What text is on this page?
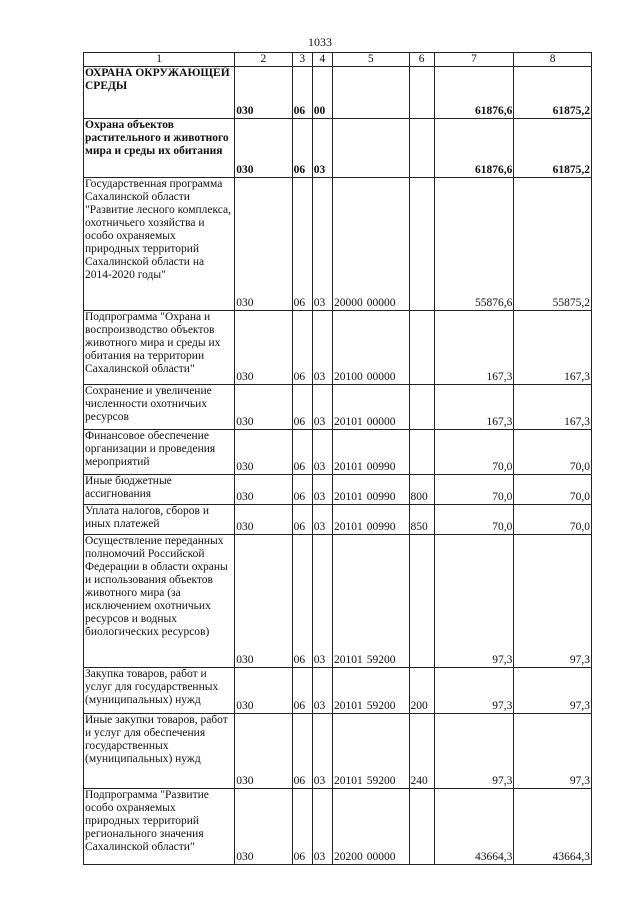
1033
1	2	3	4	5	6	7	8
ОХРАНА ОКРУЖАЮЩЕЙ СРЕДЫ	030	06	00			61876,6	61875,2
Охрана объектов растительного и животного мира и среды их обитания	030	06	03			61876,6	61875,2
Государственная программа Сахалинской области "Развитие лесного комплекса, охотничьего хозяйства и особо охраняемых природных территорий Сахалинской области на 2014-2020 годы"	030	06	03	20000 00000		55876,6	55875,2
Подпрограмма "Охрана и воспроизводство объектов животного мира и среды их обитания на территории Сахалинской области"	030	06	03	20100 00000		167,3	167,3
Сохранение и увеличение численности охотничьих ресурсов	030	06	03	20101 00000		167,3	167,3
Финансовое обеспечение организации и проведения мероприятий	030	06	03	20101 00990		70,0	70,0
Иные бюджетные ассигнования	030	06	03	20101 00990	800	70,0	70,0
Уплата налогов, сборов и иных платежей	030	06	03	20101 00990	850	70,0	70,0
Осуществление переданных полномочий Российской Федерации в области охраны и использования объектов животного мира (за исключением охотничьих ресурсов и водных биологических ресурсов)	030	06	03	20101 59200		97,3	97,3
Закупка товаров, работ и услуг для государственных (муниципальных) нужд	030	06	03	20101 59200	200	97,3	97,3
Иные закупки товаров, работ и услуг для обеспечения государственных (муниципальных) нужд	030	06	03	20101 59200	240	97,3	97,3
Подпрограмма "Развитие особо охраняемых природных территорий регионального значения Сахалинской области"	030	06	03	20200 00000		43664,3	43664,3
